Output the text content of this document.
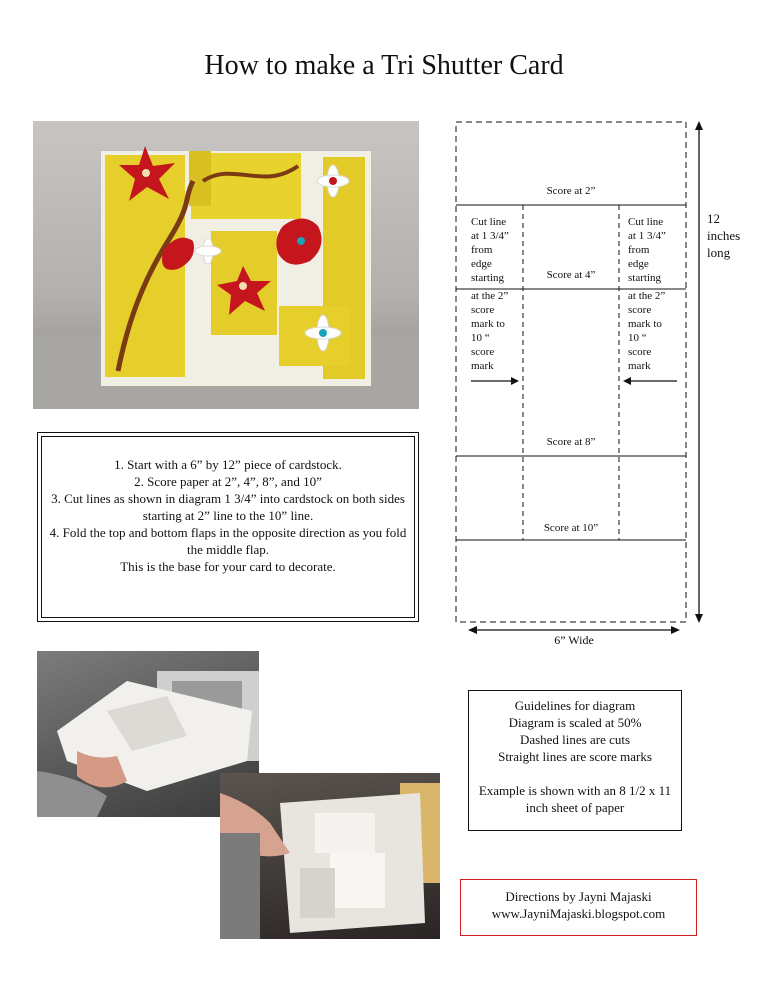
How to make a Tri Shutter Card
1. Start with a 6” by 12” piece of cardstock.
2. Score paper at 2”, 4”, 8”, and 10”
3. Cut lines as shown in diagram 1 3/4” into cardstock on both sides starting at 2” line to the 10” line.
4. Fold the top and bottom flaps in the opposite direction as you fold the middle flap.
This is the base for your card to decorate.
Score at 2”
Score at 4”
Score at 8”
Score at 10”
Cut line
at 1 3/4”
from
edge
starting
at the 2”
score
mark to
10 “
score
mark
Cut line
at 1 3/4”
from
edge
starting
at the 2”
score
mark to
10 “
score
mark
12
inches
long
6” Wide
Guidelines for diagram
Diagram is scaled at 50%
Dashed lines are cuts
Straight lines are score marks
Example is shown with an 8 1/2 x 11 inch sheet of paper
Directions by Jayni Majaski
www.JayniMajaski.blogspot.com
